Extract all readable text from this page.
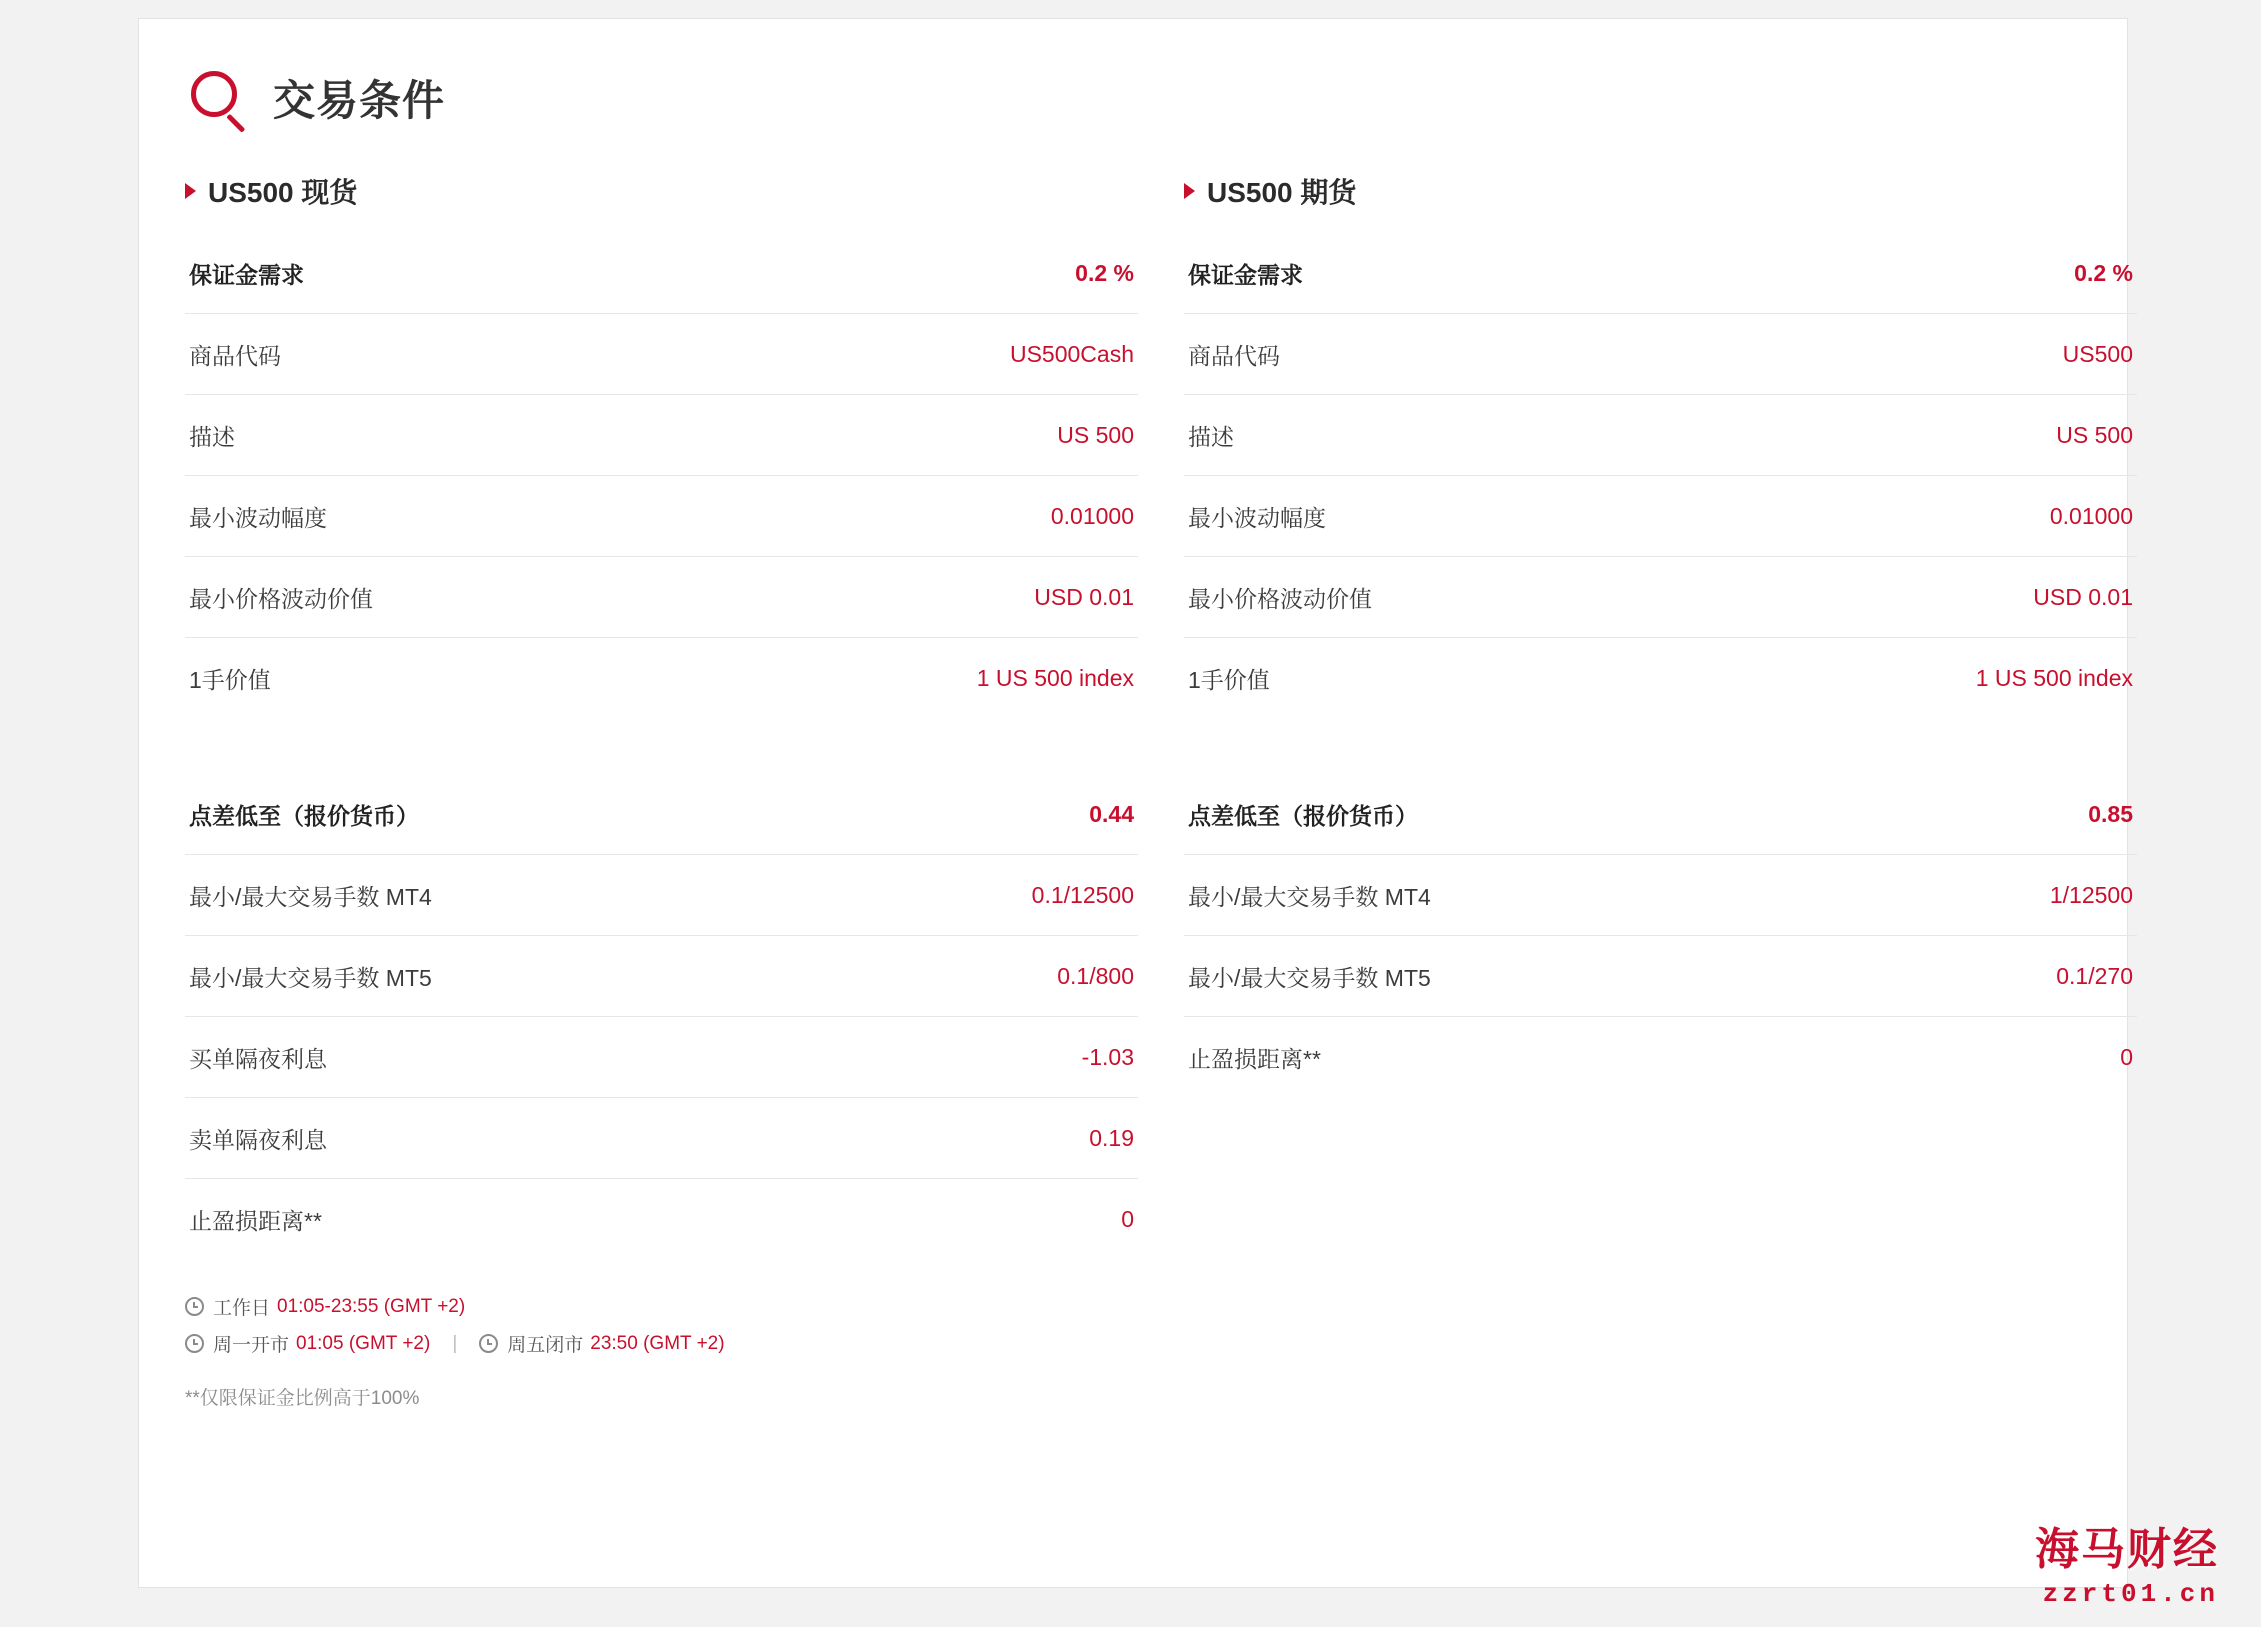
交易条件
US500 现货
保证金需求	0.2 %
商品代码	US500Cash
描述	US 500
最小波动幅度	0.01000
最小价格波动价值	USD 0.01
1手价值	1 US 500 index
点差低至（报价货币）	0.44
最小/最大交易手数 MT4	0.1/12500
最小/最大交易手数 MT5	0.1/800
买单隔夜利息	-1.03
卖单隔夜利息	0.19
止盈损距离**	0
US500 期货
保证金需求	0.2 %
商品代码	US500
描述	US 500
最小波动幅度	0.01000
最小价格波动价值	USD 0.01
1手价值	1 US 500 index
点差低至（报价货币）	0.85
最小/最大交易手数 MT4	1/12500
最小/最大交易手数 MT5	0.1/270
止盈损距离**	0
工作日 01:05-23:55 (GMT +2)
周一开市 01:05 (GMT +2) |	周五闭市 23:50 (GMT +2)
**仅限保证金比例高于100%
海马财经
zzrt01.cn
